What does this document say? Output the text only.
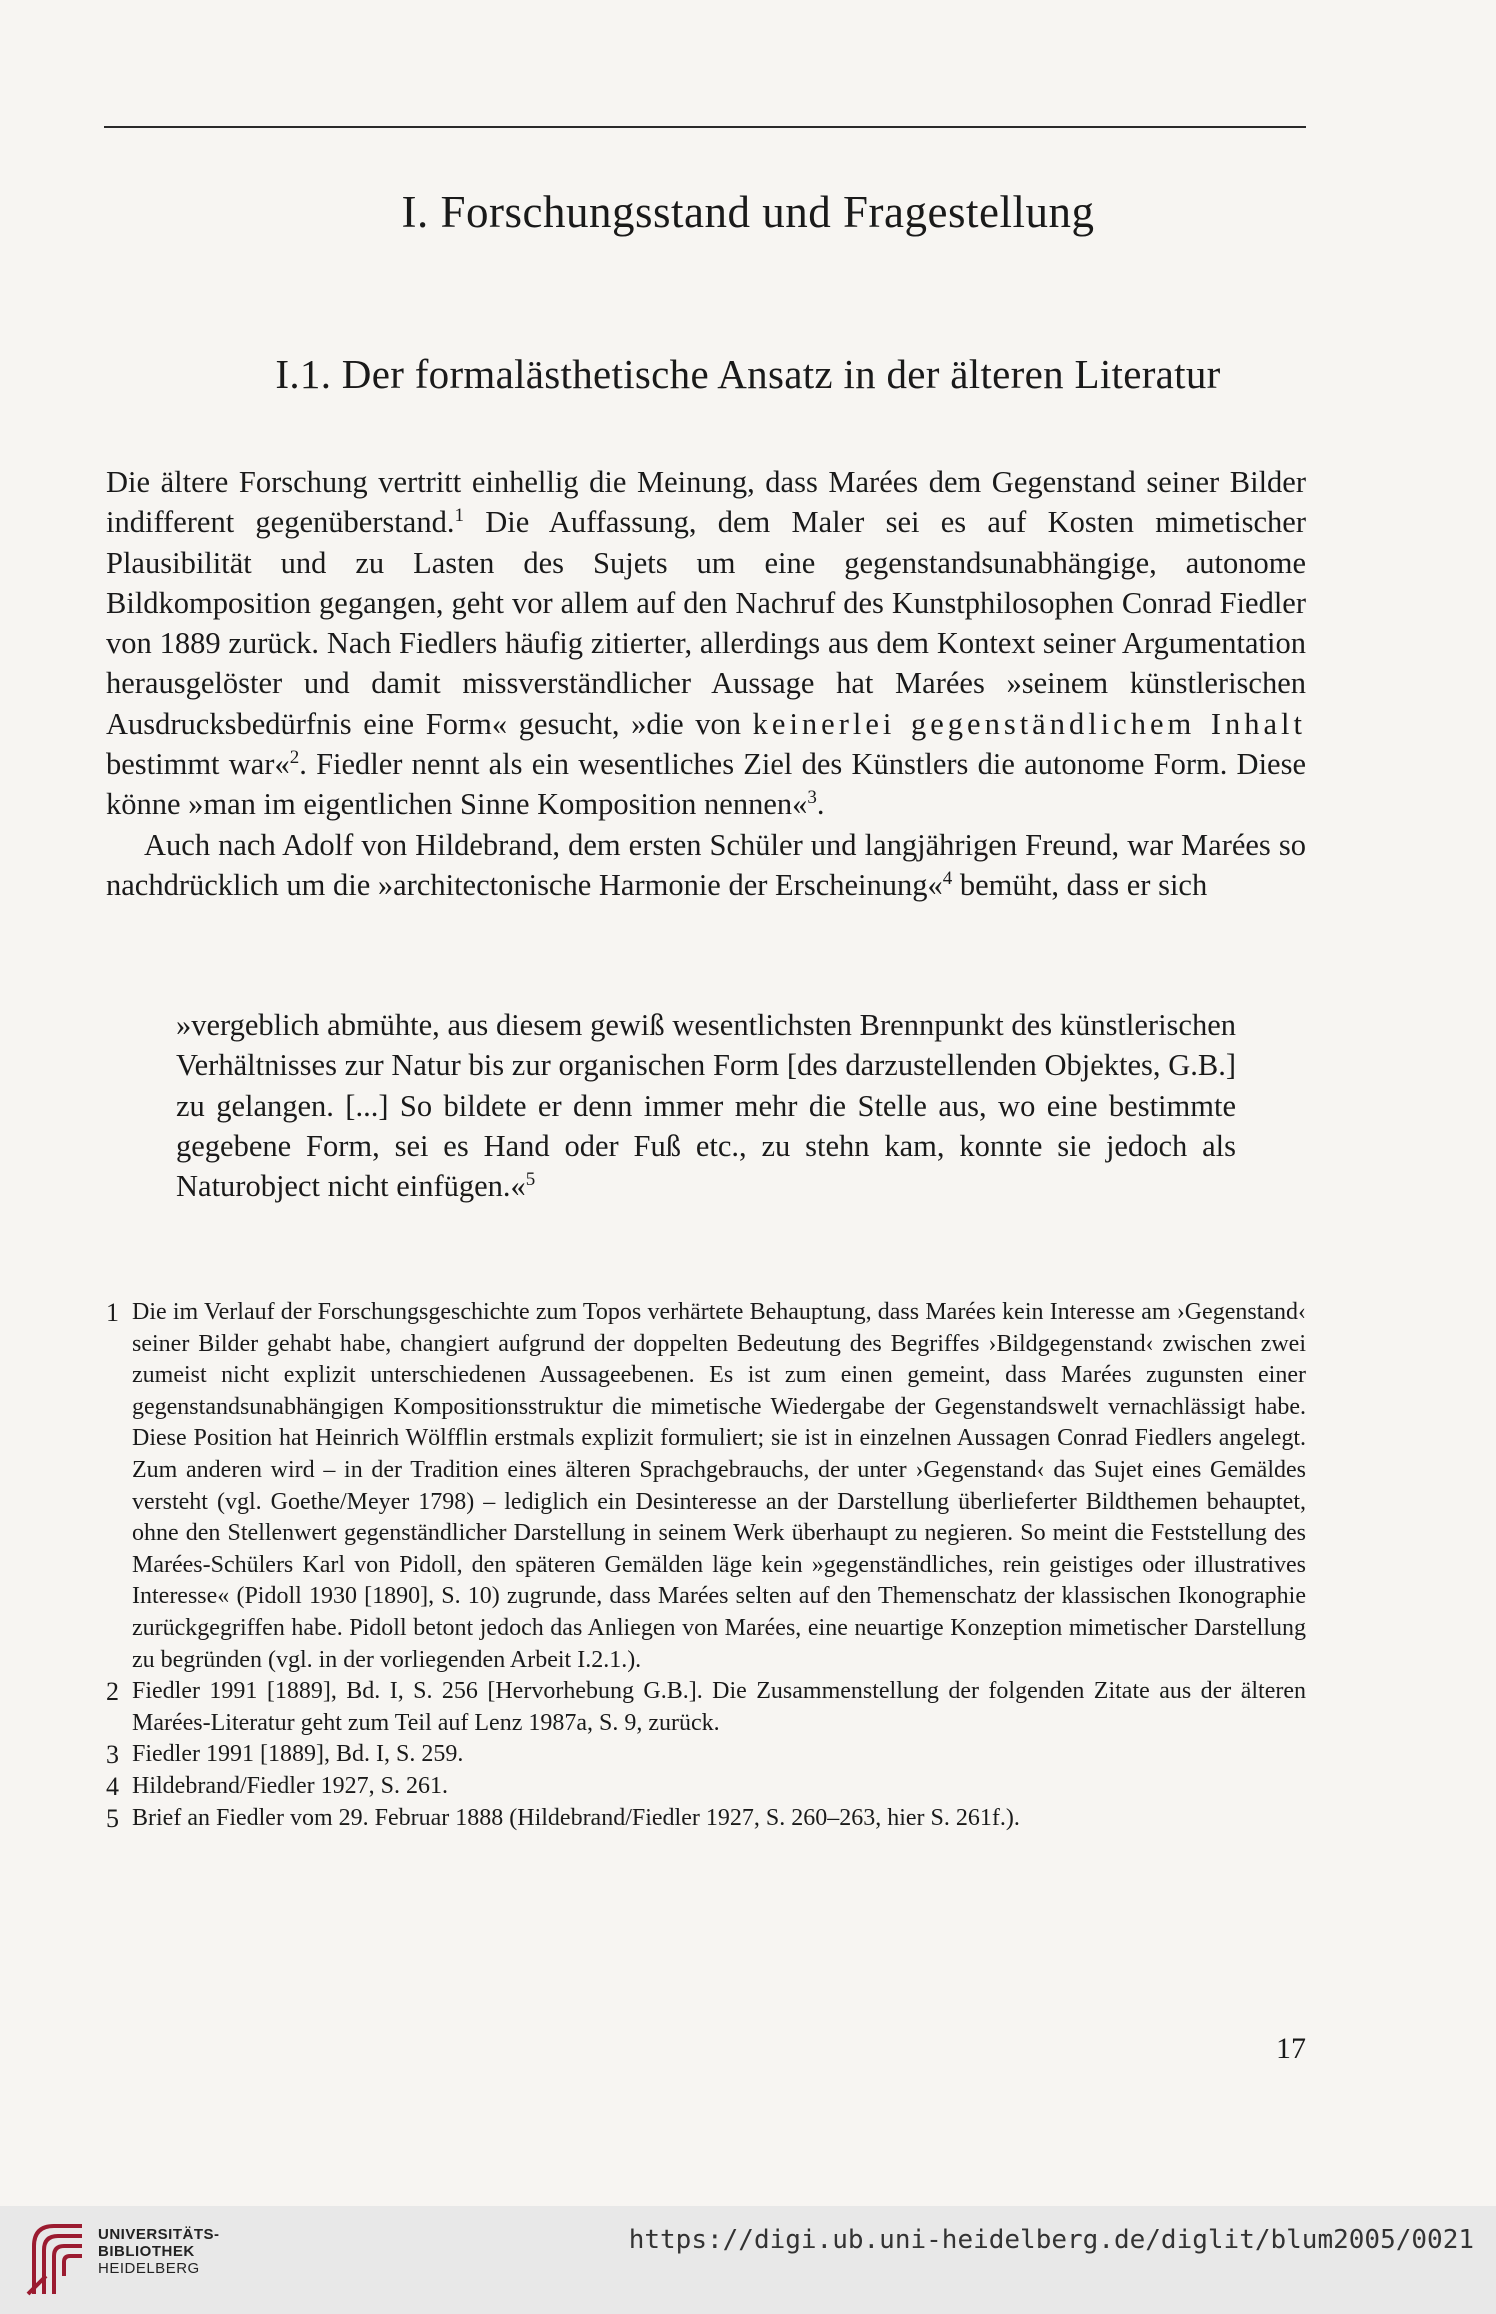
I. Forschungsstand und Fragestellung
I.1. Der formalästhetische Ansatz in der älteren Literatur

Die ältere Forschung vertritt einhellig die Meinung, dass Marées dem Gegenstand seiner Bilder indifferent gegenüberstand.$^1$ Die Auffassung, dem Maler sei es auf Kosten mimetischer Plausibilität und zu Lasten des Sujets um eine gegenstandsunabhängige, autonome Bildkomposition gegangen, geht vor allem auf den Nachruf des Kunstphilosophen Conrad Fiedler von 1889 zurück. Nach Fiedlers häufig zitierter, allerdings aus dem Kontext seiner Argumentation herausgelöster und damit missverständlicher Aussage hat Marées »seinem künstlerischen Ausdrucksbedürfnis eine Form« gesucht, »die von keinerlei gegenständlichem Inhalt bestimmt war«$^2$. Fiedler nennt als ein wesentliches Ziel des Künstlers die autonome Form. Diese könne »man im eigentlichen Sinne Komposition nennen«$^3$.

Auch nach Adolf von Hildebrand, dem ersten Schüler und langjährigen Freund, war Marées so nachdrücklich um die »architectonische Harmonie der Erscheinung«$^4$ bemüht, dass er sich

»vergeblich abmühte, aus diesem gewiß wesentlichsten Brennpunkt des künstlerischen Verhältnisses zur Natur bis zur organischen Form [des darzustellenden Objektes, G.B.] zu gelangen. [...] So bildete er denn immer mehr die Stelle aus, wo eine bestimmte gegebene Form, sei es Hand oder Fuß etc., zu stehn kam, konnte sie jedoch als Naturobject nicht einfügen.«$^5$

1 Die im Verlauf der Forschungsgeschichte zum Topos verhärtete Behauptung, dass Marées kein Interesse am ›Gegenstand‹ seiner Bilder gehabt habe, changiert aufgrund der doppelten Bedeutung des Begriffes ›Bildgegenstand‹ zwischen zwei zumeist nicht explizit unterschiedenen Aussageebenen. Es ist zum einen gemeint, dass Marées zugunsten einer gegenstandsunabhängigen Kompositionsstruktur die mimetische Wiedergabe der Gegenstandswelt vernachlässigt habe. Diese Position hat Heinrich Wölfflin erstmals explizit formuliert; sie ist in einzelnen Aussagen Conrad Fiedlers angelegt. Zum anderen wird – in der Tradition eines älteren Sprachgebrauchs, der unter ›Gegenstand‹ das Sujet eines Gemäldes versteht (vgl. Goethe/Meyer 1798) – lediglich ein Desinteresse an der Darstellung überlieferter Bildthemen behauptet, ohne den Stellenwert gegenständlicher Darstellung in seinem Werk überhaupt zu negieren. So meint die Feststellung des Marées-Schülers Karl von Pidoll, den späteren Gemälden läge kein »gegenständliches, rein geistiges oder illustratives Interesse« (Pidoll 1930 [1890], S. 10) zugrunde, dass Marées selten auf den Themenschatz der klassischen Ikonographie zurückgegriffen habe. Pidoll betont jedoch das Anliegen von Marées, eine neuartige Konzeption mimetischer Darstellung zu begründen (vgl. in der vorliegenden Arbeit I.2.1.).

2 Fiedler 1991 [1889], Bd. I, S. 256 [Hervorhebung G.B.]. Die Zusammenstellung der folgenden Zitate aus der älteren Marées-Literatur geht zum Teil auf Lenz 1987a, S. 9, zurück.

3 Fiedler 1991 [1889], Bd. I, S. 259.

4 Hildebrand/Fiedler 1927, S. 261.

5 Brief an Fiedler vom 29. Februar 1888 (Hildebrand/Fiedler 1927, S. 260–263, hier S. 261f.).

17
UNIVERSITÄTS-
BIBLIOTHEK
HEIDELBERG
https://digi.ub.uni-heidelberg.de/diglit/blum2005/0021
